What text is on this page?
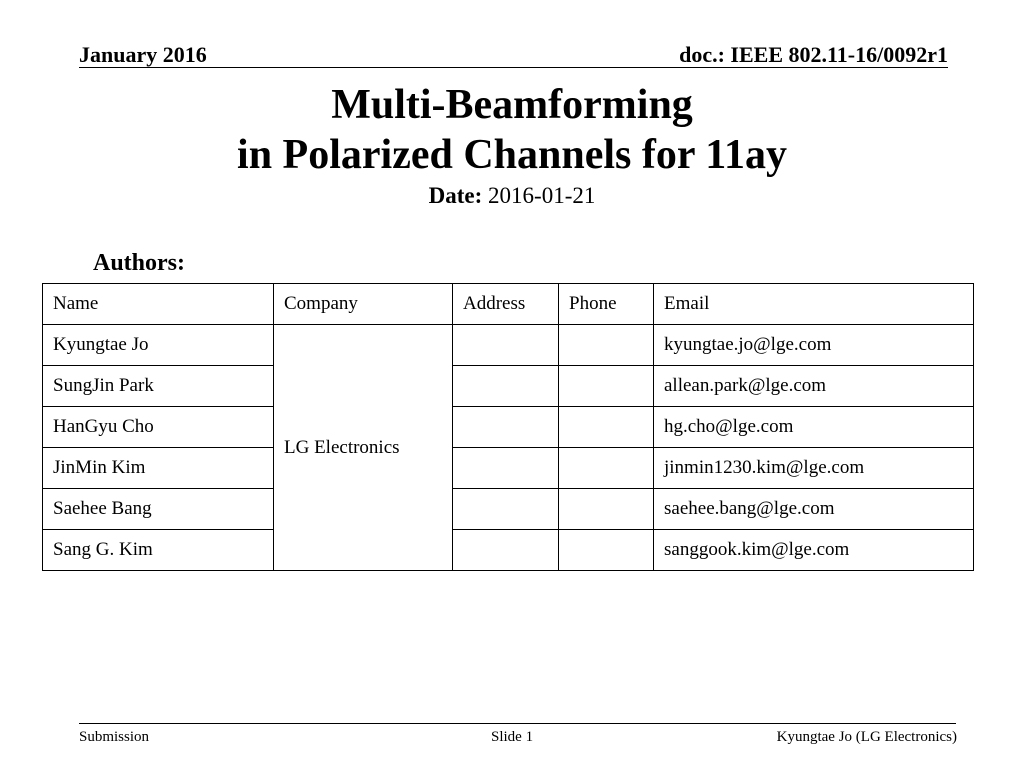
January 2016	doc.: IEEE 802.11-16/0092r1
Multi-Beamforming
in Polarized Channels for 11ay
Date: 2016-01-21
Authors:
Name	Company	Address	Phone	Email
Kyungtae Jo	LG Electronics			kyungtae.jo@lge.com
SungJin Park				allean.park@lge.com
HanGyu Cho				hg.cho@lge.com
JinMin Kim				jinmin1230.kim@lge.com
Saehee Bang				saehee.bang@lge.com
Sang G. Kim				sanggook.kim@lge.com
Submission	Slide 1	Kyungtae Jo (LG Electronics)
